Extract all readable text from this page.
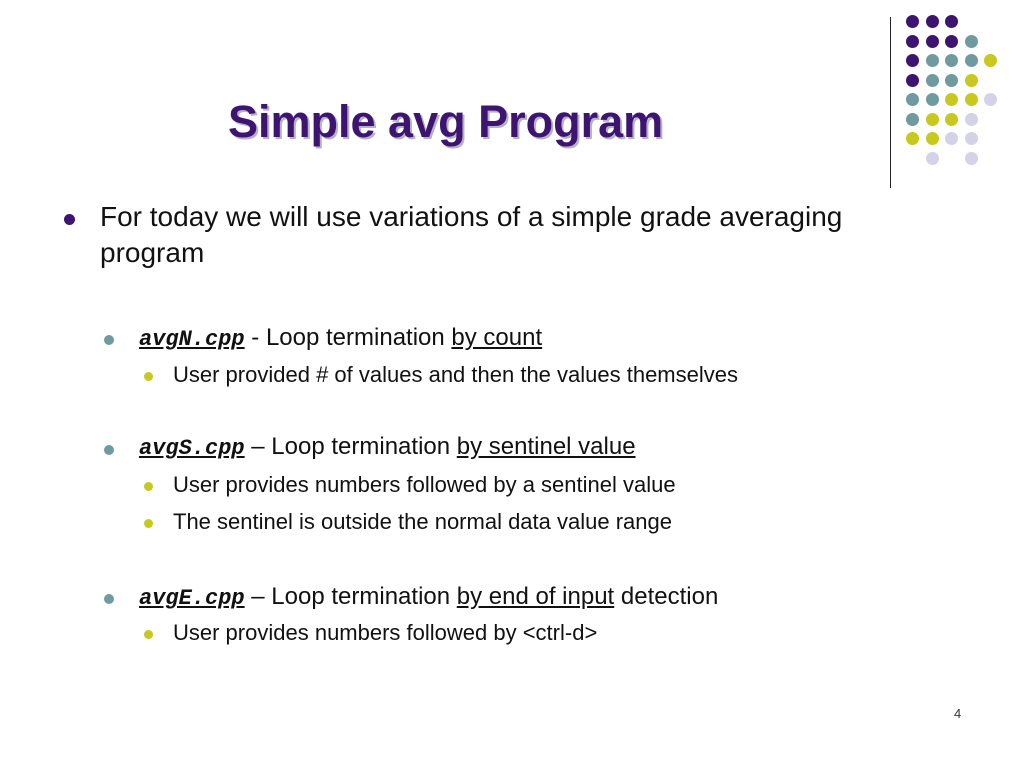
Simple avg Program
For today we will use variations of a simple grade averaging program
avgN.cpp - Loop termination by count
User provided # of values and then the values themselves
avgS.cpp – Loop termination by sentinel value
User provides numbers followed by a sentinel value
The sentinel is outside the normal data value range
avgE.cpp – Loop termination by end of input detection
User provides numbers followed by <ctrl-d>
4
